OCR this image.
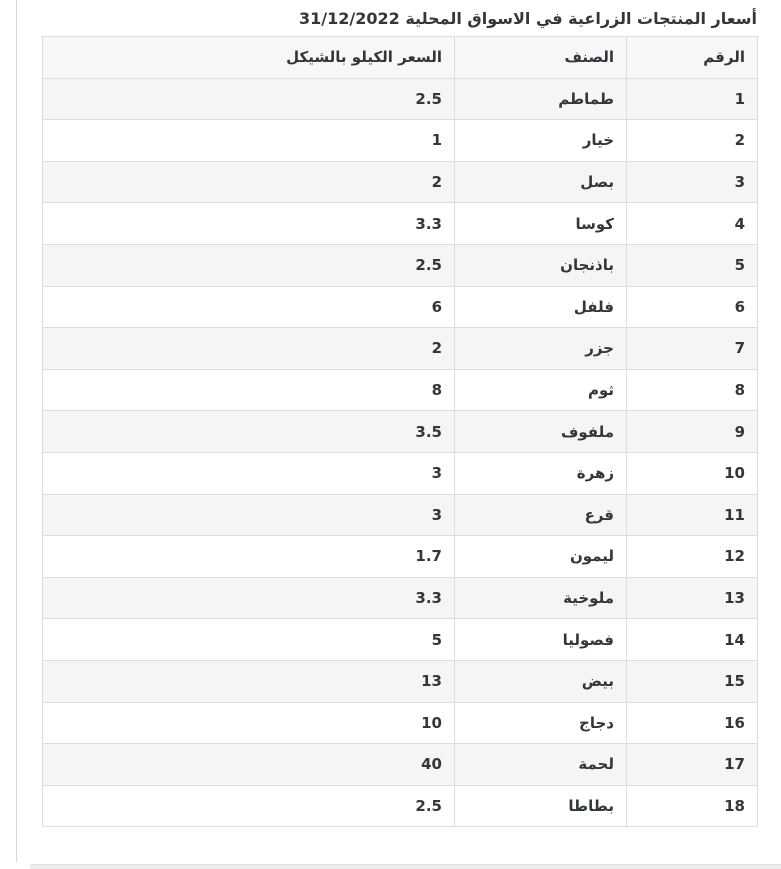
أسعار المنتجات الزراعية في الاسواق المحلية 31/12/2022
الرقم	الصنف	السعر الكيلو بالشيكل
1	طماطم	2.5
2	خيار	1
3	بصل	2
4	كوسا	3.3
5	باذنجان	2.5
6	فلفل	6
7	جزر	2
8	ثوم	8
9	ملفوف	3.5
10	زهرة	3
11	قرع	3
12	ليمون	1.7
13	ملوخية	3.3
14	فصوليا	5
15	بيض	13
16	دجاج	10
17	لحمة	40
18	بطاطا	2.5
